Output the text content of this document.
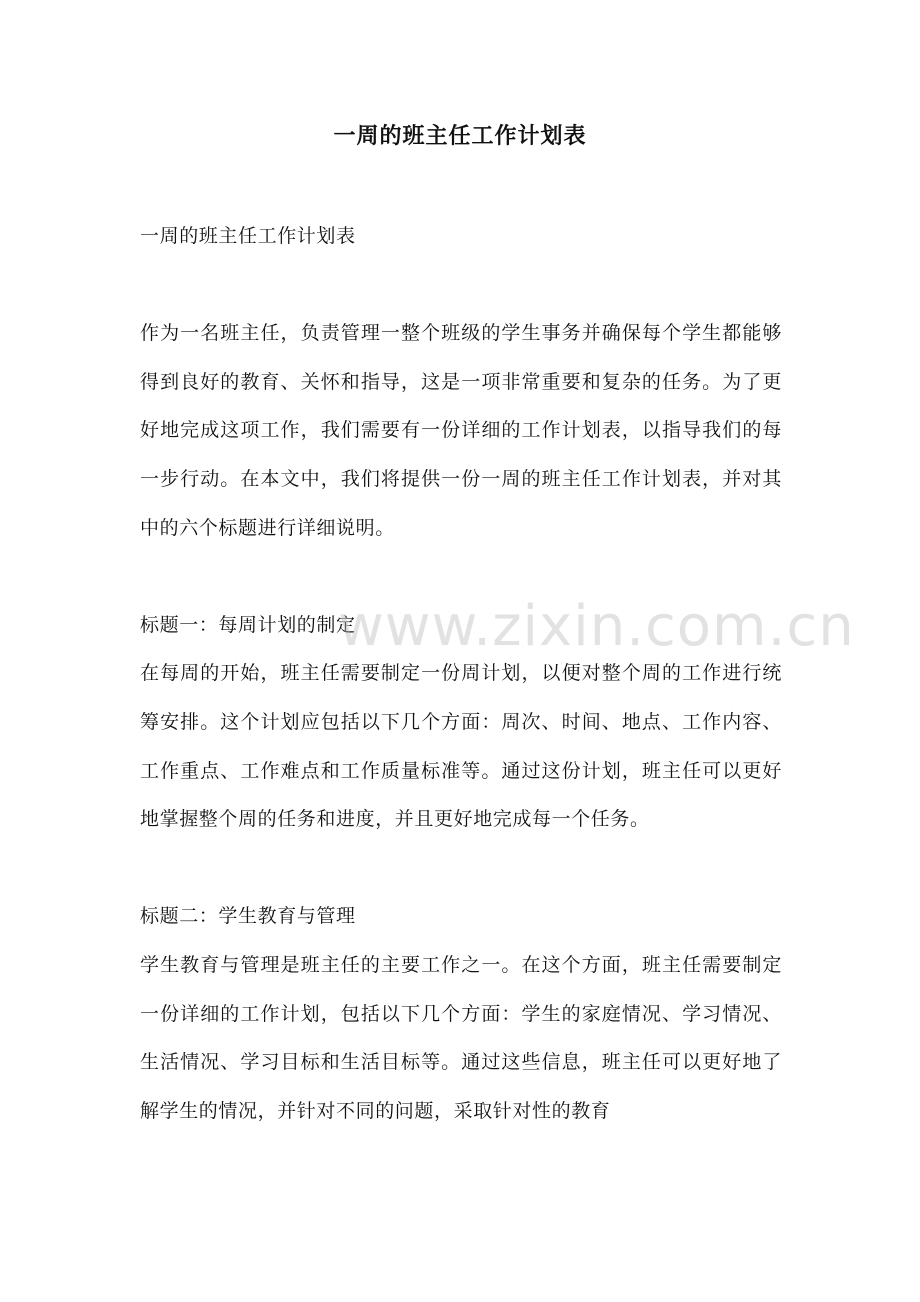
一周的班主任工作计划表

一周的班主任工作计划表

作为一名班主任，负责管理一整个班级的学生事务并确保每个学生都能够得到良好的教育、关怀和指导，这是一项非常重要和复杂的任务。为了更好地完成这项工作，我们需要有一份详细的工作计划表，以指导我们的每一步行动。在本文中，我们将提供一份一周的班主任工作计划表，并对其中的六个标题进行详细说明。

标题一：每周计划的制定

在每周的开始，班主任需要制定一份周计划，以便对整个周的工作进行统筹安排。这个计划应包括以下几个方面：周次、时间、地点、工作内容、工作重点、工作难点和工作质量标准等。通过这份计划，班主任可以更好地掌握整个周的任务和进度，并且更好地完成每一个任务。

标题二：学生教育与管理

学生教育与管理是班主任的主要工作之一。在这个方面，班主任需要制定一份详细的工作计划，包括以下几个方面：学生的家庭情况、学习情况、生活情况、学习目标和生活目标等。通过这些信息，班主任可以更好地了解学生的情况，并针对不同的问题，采取针对性的教育

www.zixin.com.cn
